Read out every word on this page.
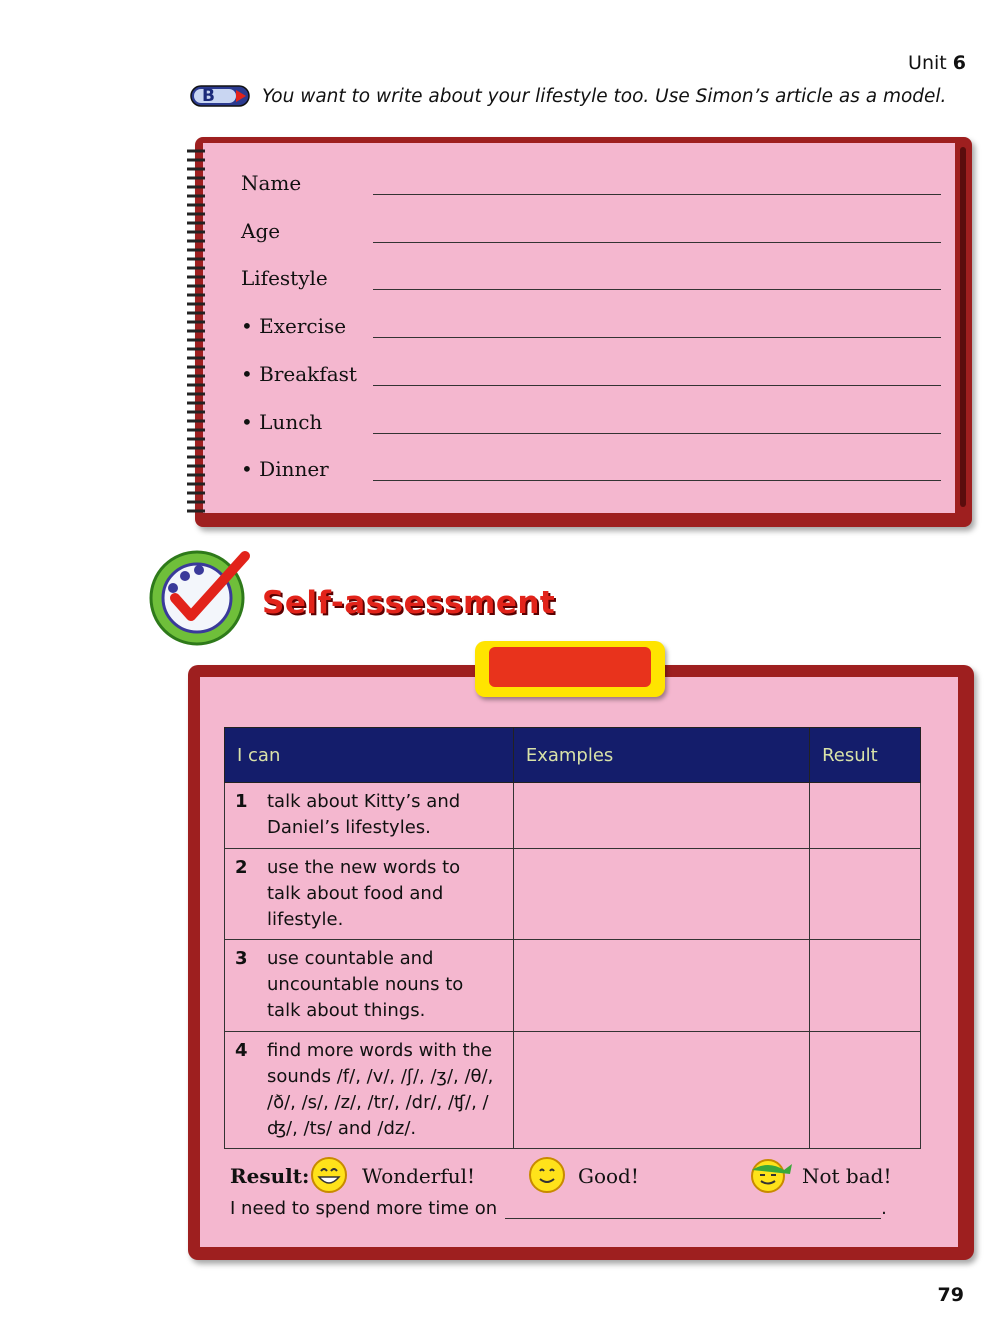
Unit 6
B	You want to write about your lifestyle too. Use Simon’s article as a model.
Name
Age
Lifestyle
• Exercise
• Breakfast
• Lunch
• Dinner
Self-assessment
I can	Examples	Result
1 talk about Kitty’s and Daniel’s lifestyles.		
2 use the new words to talk about food and lifestyle.		
3 use countable and uncountable nouns to talk about things.		
4 find more words with the sounds /f/, /v/, /ʃ/, /ʒ/, /θ/, /ð/, /s/, /z/, /tr/, /dr/, /ʧ/, /ʤ/, /ts/ and /dz/.		
Result:	Wonderful!	Good!	Not bad!
I need to spend more time on	.
79
